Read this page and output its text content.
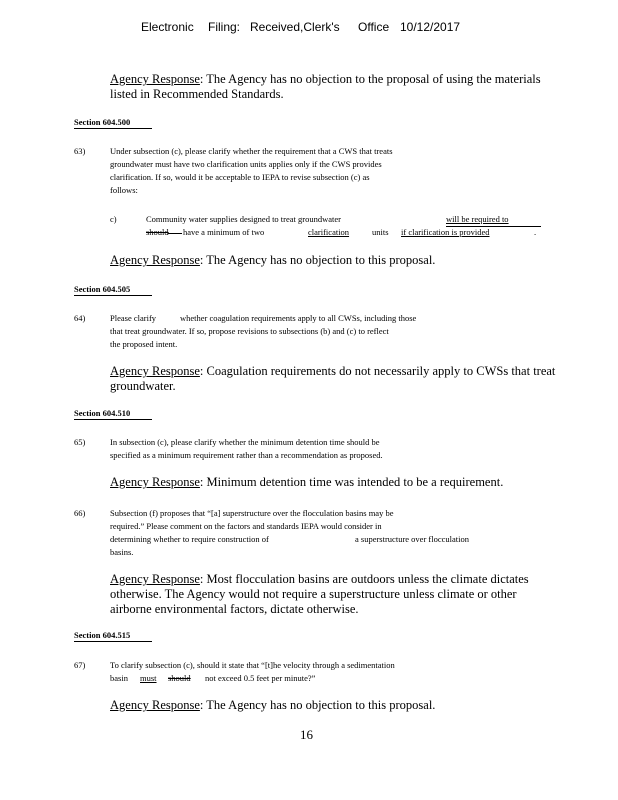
Electronic Filing: Received,Clerk's Office 10/12/2017
Agency Response: The Agency has no objection to the proposal of using the materials
listed in Recommended Standards.
Section 604.500
63)	Under subsection (c), please clarify whether the requirement that a CWS that treats
groundwater must have two clarification units applies only if the CWS provides
clarification. If so, would it be acceptable to IEPA to revise subsection (c) as
follows:
c)	Community water supplies designed to treat groundwater	will be required to
should have a minimum of two	clarification	units if clarification is provided	.
Agency Response: The Agency has no objection to this proposal.
Section 604.505
64)	Please clarify	whether coagulation requirements apply to all CWSs, including those
that treat groundwater. If so, propose revisions to subsections (b) and (c) to reflect
the proposed intent.
Agency Response: Coagulation requirements do not necessarily apply to CWSs that treat
groundwater.
Section 604.510
65)	In subsection (c), please clarify whether the minimum detention time should be
specified as a minimum requirement rather than a recommendation as proposed.
Agency Response: Minimum detention time was intended to be a requirement.
66)	Subsection (f) proposes that “[a] superstructure over the flocculation basins may be
required.” Please comment on the factors and standards IEPA would consider in
determining whether to require construction of	a superstructure over flocculation
basins.
Agency Response: Most flocculation basins are outdoors unless the climate dictates
otherwise. The Agency would not require a superstructure unless climate or other
airborne environmental factors, dictate otherwise.
Section 604.515
67)	To clarify subsection (c), should it state that “[t]he velocity through a sedimentation
basin must should not exceed 0.5 feet per minute?”
Agency Response: The Agency has no objection to this proposal.
16
